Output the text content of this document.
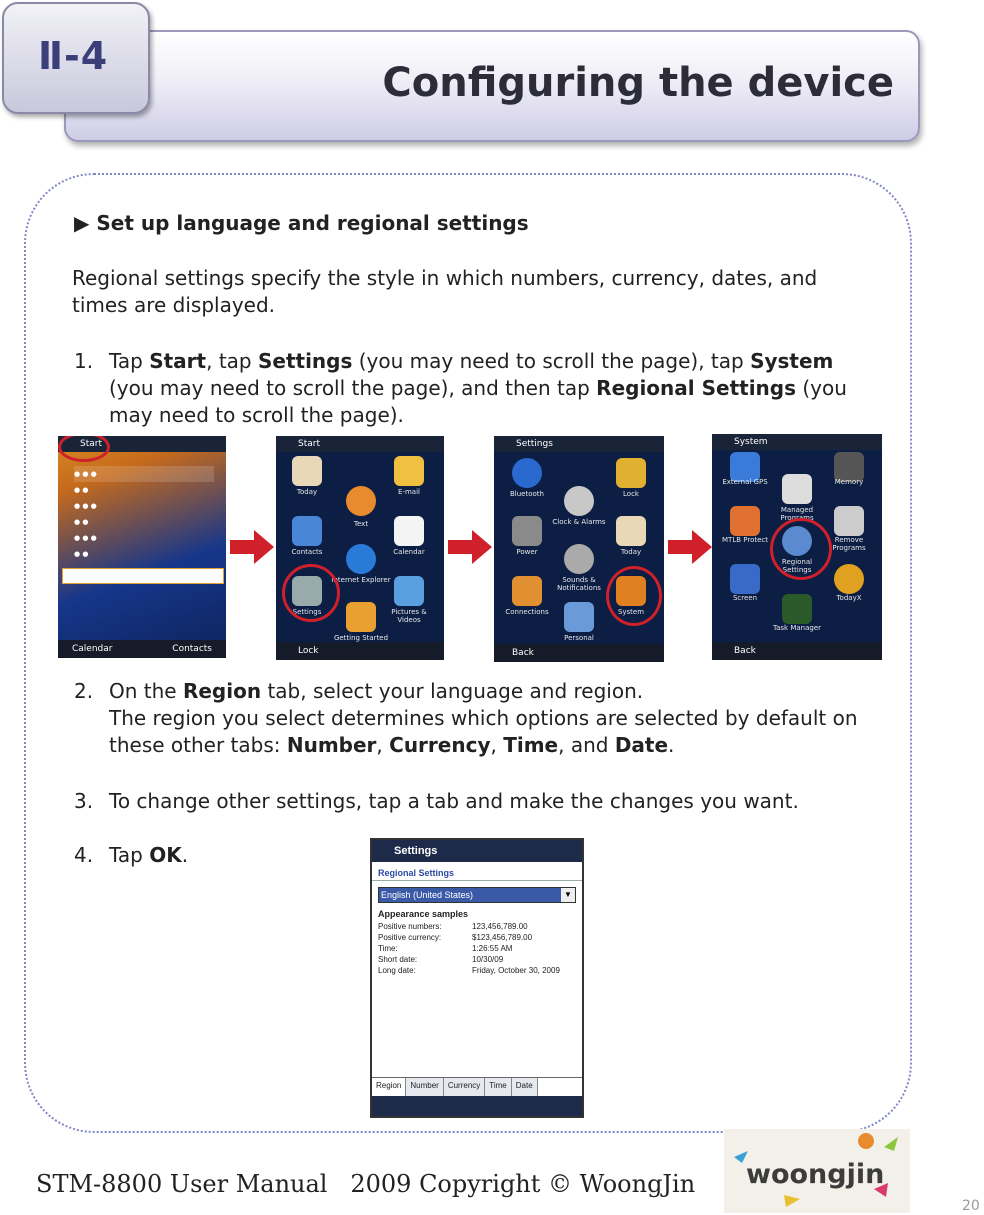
Ⅱ-4
Configuring the device
▶ Set up language and regional settings
Regional settings specify the style in which numbers, currency, dates, and times are displayed.
1. Tap Start, tap Settings (you may need to scroll the page), tap System (you may need to scroll the page), and then tap Regional Settings (you may need to scroll the page).
Start
● ● ●
● ●
● ● ●
● ●
● ● ●
● ●
Calendar	Contacts
Start
Today	E-mail
Text
Contacts	Calendar
Internet Explorer
Settings	Pictures & Videos
Getting Started
Lock
Settings
Bluetooth	Lock
Clock & Alarms
Power	Today
Sounds & Notifications
Connections	System
Personal
Back
System
External GPS	Memory
Managed Programs
MTLB Protect
Regional Settings
Remove Programs
Screen
Task Manager
TodayX
Back
2. On the Region tab, select your language and region.
The region you select determines which options are selected by default on these other tabs: Number, Currency, Time, and Date.
3. To change other settings, tap a tab and make the changes you want.
4. Tap OK.	Settings
Regional Settings
English (United States)	▼
Appearance samples
Positive numbers:	123,456,789.00
Positive currency:	$123,456,789.00
Time:	1:26:55 AM
Short date:	10/30/09
Long date:	Friday, October 30, 2009
Region	Number	Currency	Time	Date
STM-8800 User Manual   2009 Copyright © WoongJin woongjin
20
